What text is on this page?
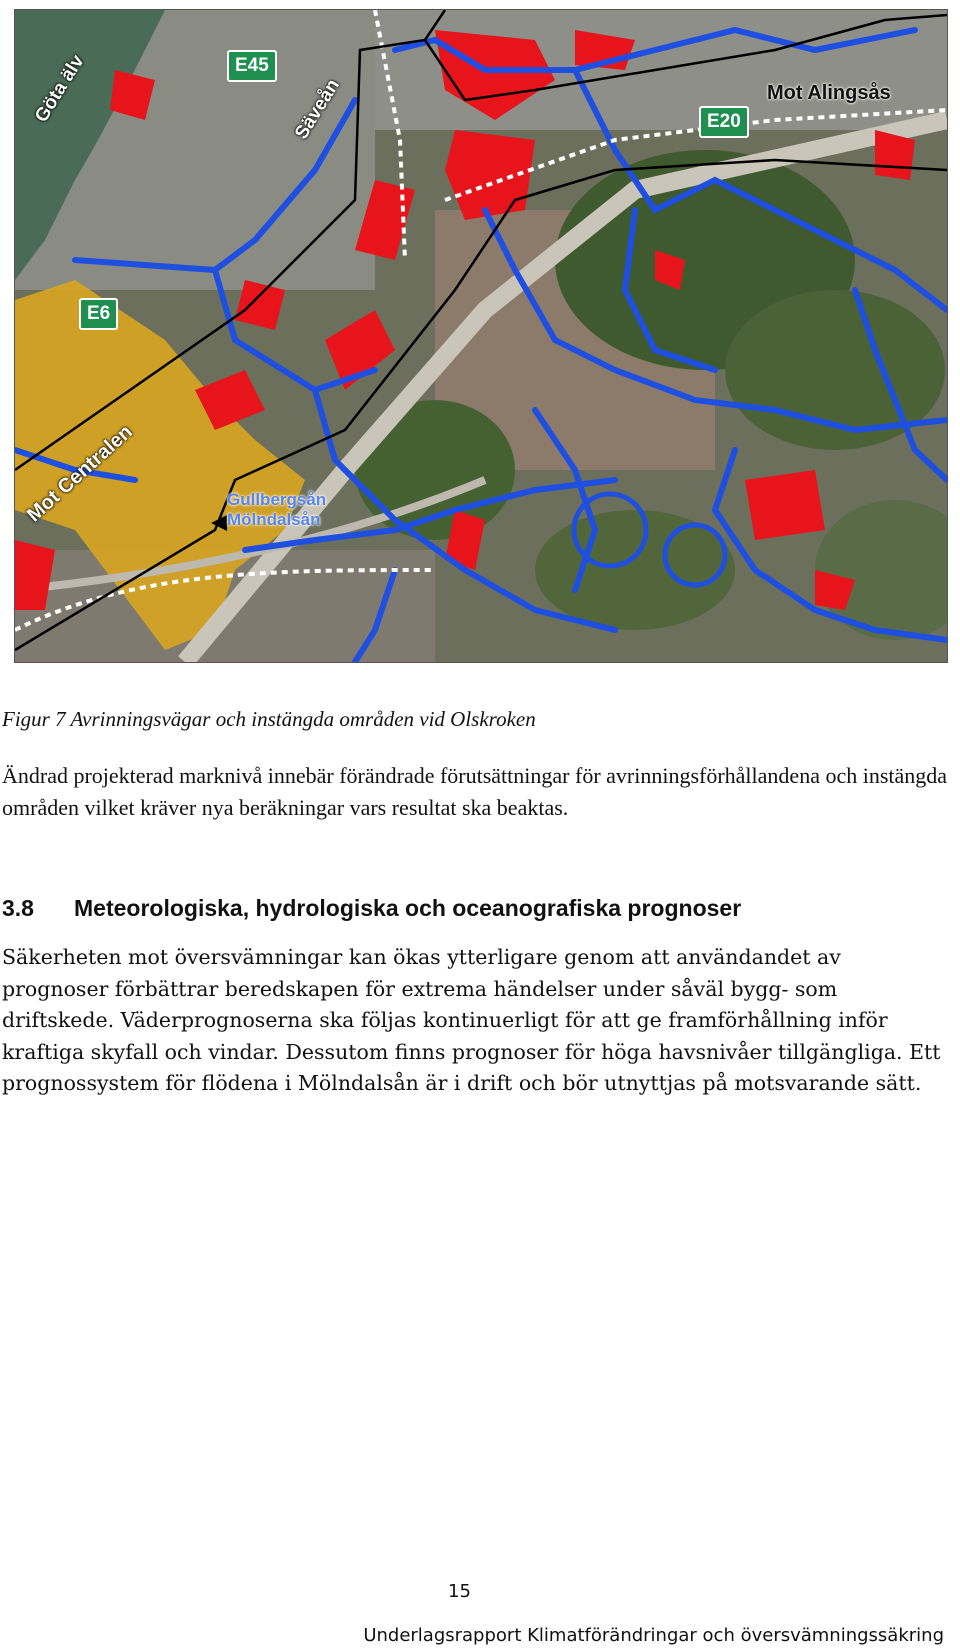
E45
E20
E6
Göta älv	Säveån	Mot Alingsås
Mot Centralen	Gullbergsån
Mölndalsån
Figur 7 Avrinningsvägar och instängda områden vid Olskroken
Ändrad projekterad marknivå innebär förändrade förutsättningar för avrinningsförhållandena och instängda områden vilket kräver nya beräkningar vars resultat ska beaktas.
3.8 Meteorologiska, hydrologiska och oceanografiska prognoser
Säkerheten mot översvämningar kan ökas ytterligare genom att användandet av prognoser förbättrar beredskapen för extrema händelser under såväl bygg- som driftskede. Väderprognoserna ska följas kontinuerligt för att ge framförhållning inför kraftiga skyfall och vindar. Dessutom finns prognoser för höga havsnivåer tillgängliga. Ett prognossystem för flödena i Mölndalsån är i drift och bör utnyttjas på motsvarande sätt.
15
Underlagsrapport Klimatförändringar och översvämningssäkring
